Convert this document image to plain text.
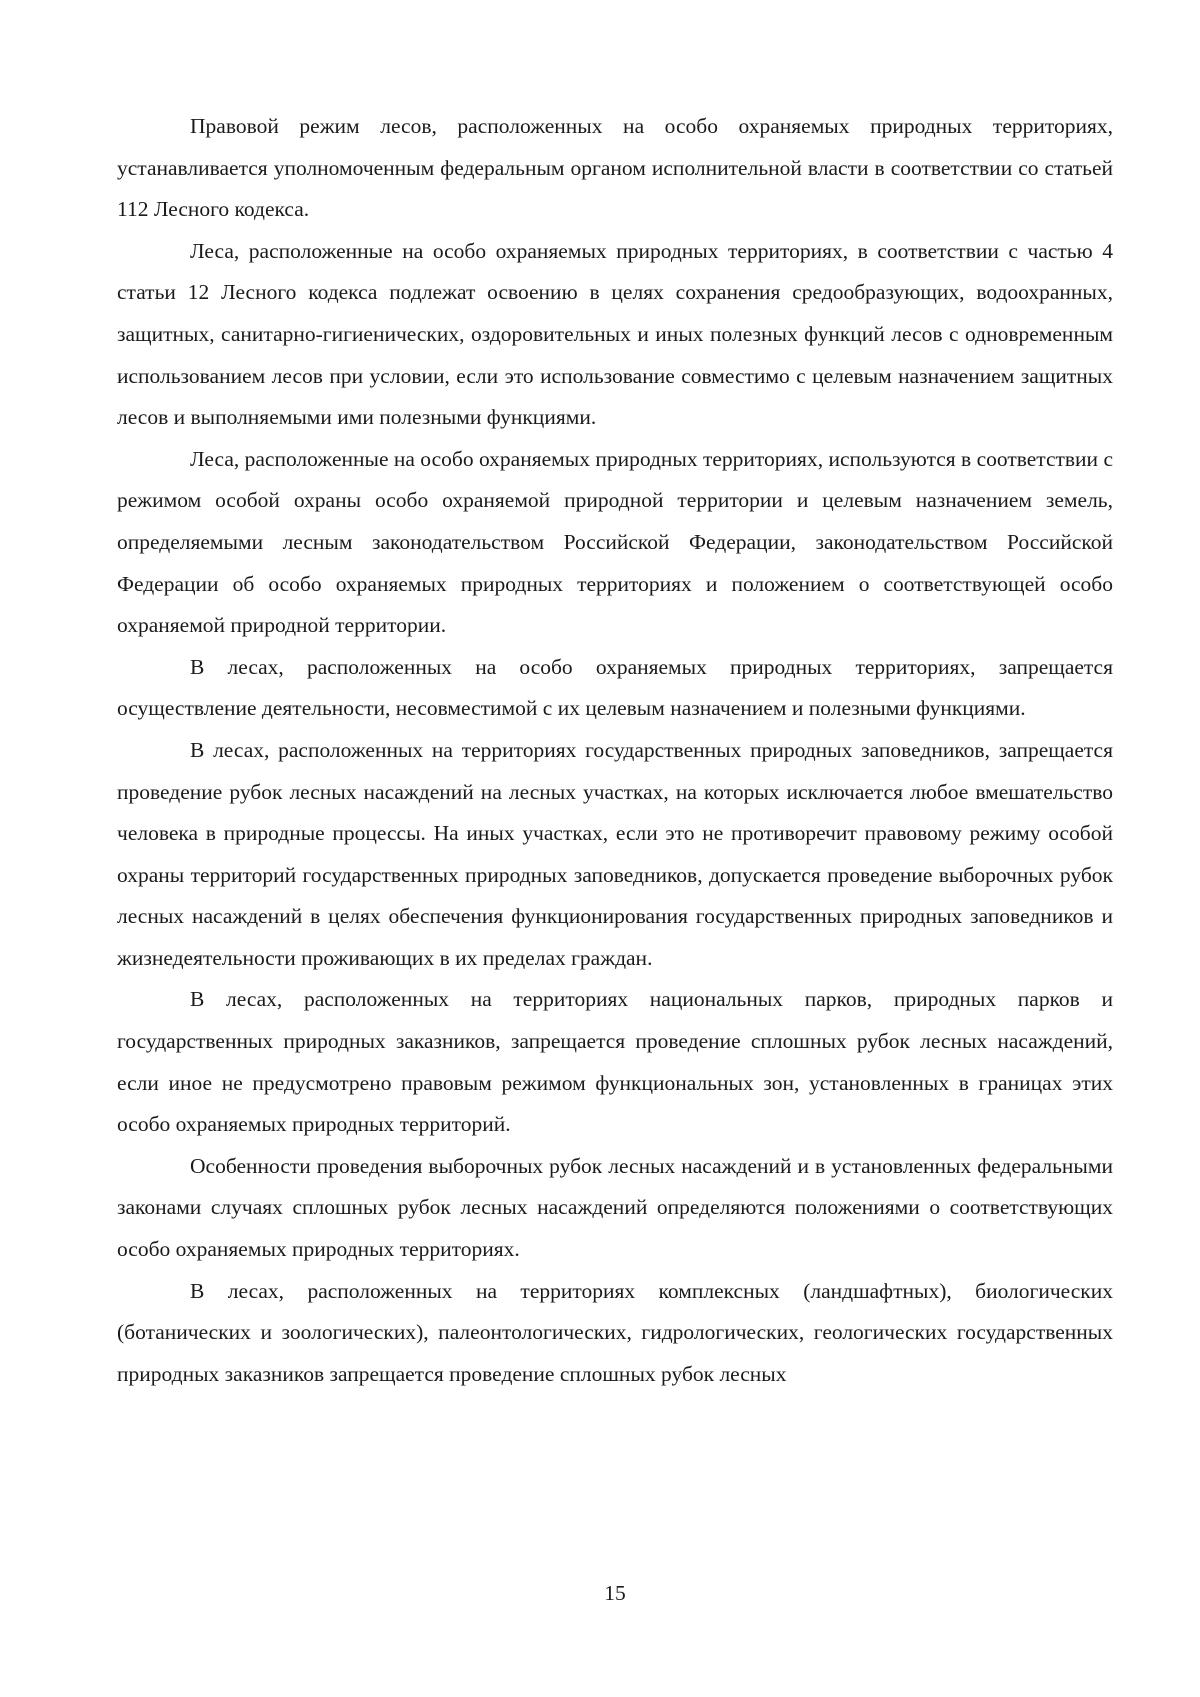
Правовой режим лесов, расположенных на особо охраняемых природных территориях, устанавливается уполномоченным федеральным органом исполнительной власти в соответствии со статьей 112 Лесного кодекса.

Леса, расположенные на особо охраняемых природных территориях, в соответствии с частью 4 статьи 12 Лесного кодекса подлежат освоению в целях сохранения средообразующих, водоохранных, защитных, санитарно-гигиенических, оздоровительных и иных полезных функций лесов с одновременным использованием лесов при условии, если это использование совместимо с целевым назначением защитных лесов и выполняемыми ими полезными функциями.

Леса, расположенные на особо охраняемых природных территориях, используются в соответствии с режимом особой охраны особо охраняемой природной территории и целевым назначением земель, определяемыми лесным законодательством Российской Федерации, законодательством Российской Федерации об особо охраняемых природных территориях и положением о соответствующей особо охраняемой природной территории.

В лесах, расположенных на особо охраняемых природных территориях, запрещается осуществление деятельности, несовместимой с их целевым назначением и полезными функциями.

В лесах, расположенных на территориях государственных природных заповедников, запрещается проведение рубок лесных насаждений на лесных участках, на которых исключается любое вмешательство человека в природные процессы. На иных участках, если это не противоречит правовому режиму особой охраны территорий государственных природных заповедников, допускается проведение выборочных рубок лесных насаждений в целях обеспечения функционирования государственных природных заповедников и жизнедеятельности проживающих в их пределах граждан.

В лесах, расположенных на территориях национальных парков, природных парков и государственных природных заказников, запрещается проведение сплошных рубок лесных насаждений, если иное не предусмотрено правовым режимом функциональных зон, установленных в границах этих особо охраняемых природных территорий.

Особенности проведения выборочных рубок лесных насаждений и в установленных федеральными законами случаях сплошных рубок лесных насаждений определяются положениями о соответствующих особо охраняемых природных территориях.

В лесах, расположенных на территориях комплексных (ландшафтных), биологических (ботанических и зоологических), палеонтологических, гидрологических, геологических государственных природных заказников запрещается проведение сплошных рубок лесных

15
